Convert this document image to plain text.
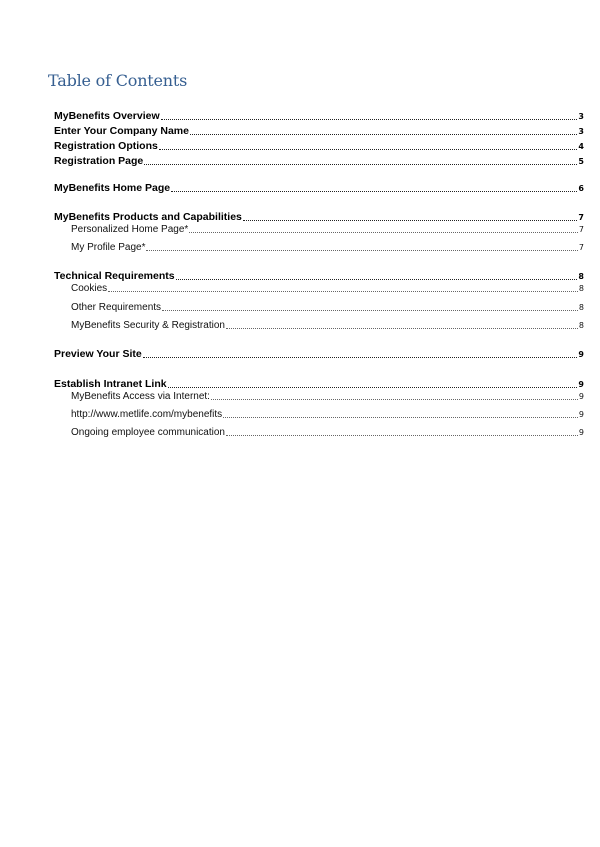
Table of Contents
MyBenefits Overview	3
Enter Your Company Name	3
Registration Options	4
Registration Page	5
MyBenefits Home Page	6
MyBenefits Products and Capabilities	7
Personalized Home Page*	7
My Profile Page*	7
Technical Requirements	8
Cookies	8
Other Requirements	8
MyBenefits Security & Registration	8
Preview Your Site	9
Establish Intranet Link	9
MyBenefits Access via Internet:	9
http://www.metlife.com/mybenefits	9
Ongoing employee communication	9
